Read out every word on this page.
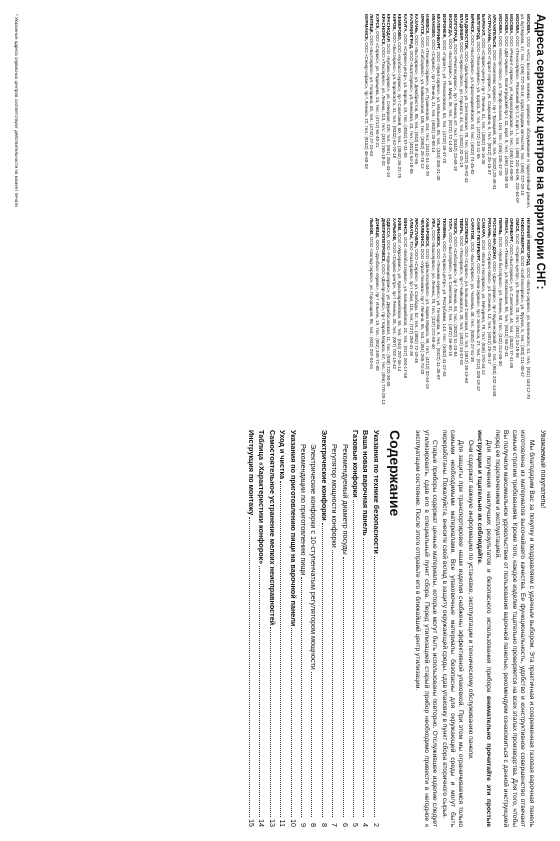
Адреса сервисных центров на территории СНГ:

МОСКВА, ООО «АСЦ Бытовая техника», сервисное обслуживание и гарантийный ремонт, ул. Бутлерова, 17, тел.: (495) 727-28-16; отдел продаж запчастей, тел.: (495) 727-28-15

МОСКВА, ООО «Техносервис», Рязанский пр-т, 2, корп. 1, тел.: (495) 231-64-06, 231-64-07

МОСКВА, ООО «Ремонт-сервис», ул. Кировоградская, 15, тел.: (495) 314-09-00

МОСКВА, ООО «ДМ-сервис», Волгоградский пр-т, 32, корп. 8, тел.: (495) 225-58-18

МОСКВА, ООО «Мастер-плюс», ул. Профсоюзная, 104, тел.: (495) 336-47-20

АРХАНГЕЛЬСК, ООО «Комплекс-сервис», пр-т Троицкий, 106, тел.: (8182) 20-48-91

АСТРАХАНЬ, ООО «Гарант-сервис», ул. Савушкина, 6, тел.: (8512) 25-15-37

БАРНАУЛ, ООО «Сервис-центр», пр-т Ленина, 61, тел.: (3852) 36-16-36

БЕЛГОРОД, ООО «Техносервис», ул. Щорса, 8, тел.: (4722) 34-11-95

БРЯНСК, ООО «Бытсервис», ул. Красноармейская, 93, тел.: (4832) 74-45-82

ВЛАДИВОСТОК, ООО «Дальсервис», ул. Светланская, 78, тел.: (4232) 26-82-44

ВЛАДИМИР, ООО «Сервис-плюс», ул. Горького, 44, тел.: (4922) 32-15-19

ВОЛГОГРАД, ООО «Ремтехсервис», пр-т Ленина, 67, тел.: (8442) 23-60-18

ВОЛОГДА, ООО «Бытсервис», ул. Мира, 36, тел.: (8172) 72-14-30

ВОРОНЕЖ, ООО «Гарант», ул. Плехановская, 53, тел.: (4732) 39-47-70

ЕКАТЕРИНБУРГ, ООО «Урал-сервис», ул. Малышева, 85, тел.: (343) 355-21-40

ИВАНОВО, ООО «Сервис», пр-т Ленина, 21, тел.: (4932) 32-88-14

ИЖЕВСК, ООО «Техника-сервис», ул. Пушкинская, 154, тел.: (3412) 51-34-70

ИРКУТСК, ООО «Сибсервис», ул. Байкальская, 105, тел.: (3952) 25-76-12

КАЗАНЬ, ООО «Бытсервис», ул. Декабристов, 85, тел.: (843) 518-42-66

КАЛИНИНГРАД, ООО «Балтсервис», ул. Киевская, 23, тел.: (4012) 64-18-05

КАЛУГА, ООО «Сервис-центр», ул. Кирова, 19, тел.: (4842) 57-31-09

КЕМЕРОВО, ООО «Кузбасс-сервис», пр-т Советский, 60, тел.: (3842) 36-22-75

КИРОВ, ООО «Бытсервис», ул. Воровского, 41, тел.: (8332) 62-70-18

КРАСНОДАР, ООО «Кубань-сервис», ул. Северная, 326, тел.: (861) 255-43-10

КРАСНОЯРСК, ООО «Техсервис», ул. Ленина, 113, тел.: (391) 265-18-32

КУРСК, ООО «Сервис», ул. Радищева, 24, тел.: (4712) 56-40-21

ЛИПЕЦК, ООО «Бытсервис», ул. Гагарина, 33, тел.: (4742) 27-15-64

МУРМАНСК, ООО «Север-сервис», пр-т Ленина, 72, тел.: (8152) 45-60-33

НИЖНИЙ НОВГОРОД, ООО «Волга-сервис», ул. Белинского, 61, тел.: (831) 434-12-70

НОВОСИБИРСК, ООО «Сибтехсервис», ул. Фрунзе, 5, тел.: (383) 211-30-47

ОМСК, ООО «Сервис-центр», ул. Ленина, 20, тел.: (3812) 24-18-56

ОРЕНБУРГ, ООО «Бытсервис», ул. Советская, 44, тел.: (3532) 77-41-09

ПЕНЗА, ООО «Техника», ул. Московская, 83, тел.: (8412) 56-22-41

ПЕРМЬ, ООО «Урал-бытсервис», ул. Ленина, 58, тел.: (342) 212-65-30

РОСТОВ-НА-ДОНУ, ООО «Дон-сервис», пр-т Буденновский, 97, тел.: (863) 232-14-58

РЯЗАНЬ, ООО «Сервис-плюс», ул. Есенина, 13, тел.: (4912) 28-36-17

САМАРА, ООО «Волга-техсервис», ул. Мичурина, 78, тел.: (846) 270-44-12

САНКТ-ПЕТЕРБУРГ, ООО «Нева-сервис», пр-т Энгельса, 27, тел.: (812) 320-18-47

САРАТОВ, ООО «Бытсервис», ул. Чапаева, 48, тел.: (8452) 27-51-38

СМОЛЕНСК, ООО «Сервис», ул. Большая Советская, 12, тел.: (4812) 38-19-60

ТВЕРЬ, ООО «Техсервис», пр-т Чайковского, 28, тел.: (4822) 34-57-02

ТОМСК, ООО «Сибсервис», пр-т Ленина, 94, тел.: (3822) 51-23-84

ТУЛА, ООО «Бытсервис», ул. Советская, 47, тел.: (4872) 36-90-15

ТЮМЕНЬ, ООО «Сервис-центр», ул. Республики, 143, тел.: (3452) 41-27-63

УЛЬЯНОВСК, ООО «Техника-сервис», ул. Гончарова, 9, тел.: (8422) 41-35-07

УФА, ООО «Башсервис», ул. Ленина, 70, тел.: (347) 272-58-40

ХАБАРОВСК, ООО «Дальтехсервис», ул. Карла Маркса, 96, тел.: (4212) 32-64-19

ЧЕЛЯБИНСК, ООО «Урал-техника», пр-т Ленина, 55, тел.: (351) 265-73-20

ЯРОСЛАВЛЬ, ООО «Сервис», ул. Свободы, 52, тел.: (4852) 72-18-46

АЛМАТЫ, ТОО «Казсервис», пр-т Абая, 115, тел.: (727) 250-41-36

МИНСК, ООО «Белбытсервис», ул. Кальварийская, 24, тел.: (017) 204-17-58

КИЕВ, ООО «Укрсервис», ул. Красноармейская, 59, тел.: (044) 287-36-14

ХАРЬКОВ, ООО «Сервис-центр», пр-т Ленина, 38, тел.: (057) 702-19-42

ОДЕССА, ООО «Черноморсервис», ул. Дерибасовская, 11, тел.: (048) 722-30-55

ДНЕПРОПЕТРОВСК, ООО «Днепр-сервис», пр-т Карла Маркса, 67, тел.: (056) 770-28-13

ДОНЕЦК, ООО «Донбасс-сервис», пр-т Ильича, 19, тел.: (062) 345-71-08

ЛЬВОВ, ООО «Запад-сервис», ул. Городоцкая, 86, тел.: (032) 297-04-61

* Указанные адреса сервисных центров соответствуют действительности на момент печати

Уважаемый покупатель!

Мы благодарим Вас за покупку и поздравляем с удачным выбором. Эта практичная и современная газовая варочная панель изготовлена из материалов высочайшего качества. Ее функциональность, удобство и конструктивное совершенство отвечают самым строгим требованиям. Кроме того, каждое изделие тщательно проверяется на всех этапах производства. Для того, чтобы Вы получили максимальное удовольствие от пользования варочной панелью, рекомендуем ознакомиться с данной инструкцией перед ее подключением и эксплуатацией.

Для получения наилучших результатов и безопасного использования прибора внимательно прочитайте эти простые инструкции и тщательно их соблюдайте.

Они содержат важную информацию по установке, эксплуатации и техническому обслуживанию панели.

Для защиты при транспортировке наши изделия снабжены эффективной упаковкой. При этом мы ограничиваемся только самыми необходимыми материалами. Все упаковочные материалы безопасны для окружающей среды и могут быть переработаны. Пожалуйста, внесите свой вклад в защиту окружающей среды, сдав упаковку в пункт сбора вторичного сырья.

Старые приборы содержат ценные материалы, которые могут быть использованы повторно. Отслужившее изделие следует утилизировать, сдав его в специальный пункт сбора. Перед утилизацией старый прибор необходимо привести в негодное к эксплуатации состояние. После этого отправьте его в ближайший центр утилизации.

Содержание
Указания по технике безопасности
2
Ваша новая варочная панель
4
Газовые конфорки
5
Рекомендуемый диаметр посуды
6
Регулятор мощности конфорки
7
Электрические конфорки
8
Электрические конфорки с 10-ступенчатым регулятором мощности
8
Рекомендации по приготовлению пищи
9
Указания по приготовлению пищи на варочной панели
10
Уход и чистка
11
Самостоятельное устранение мелких неисправностей
13
Таблица «Характеристики конфорок»
14
Инструкция по монтажу
15
